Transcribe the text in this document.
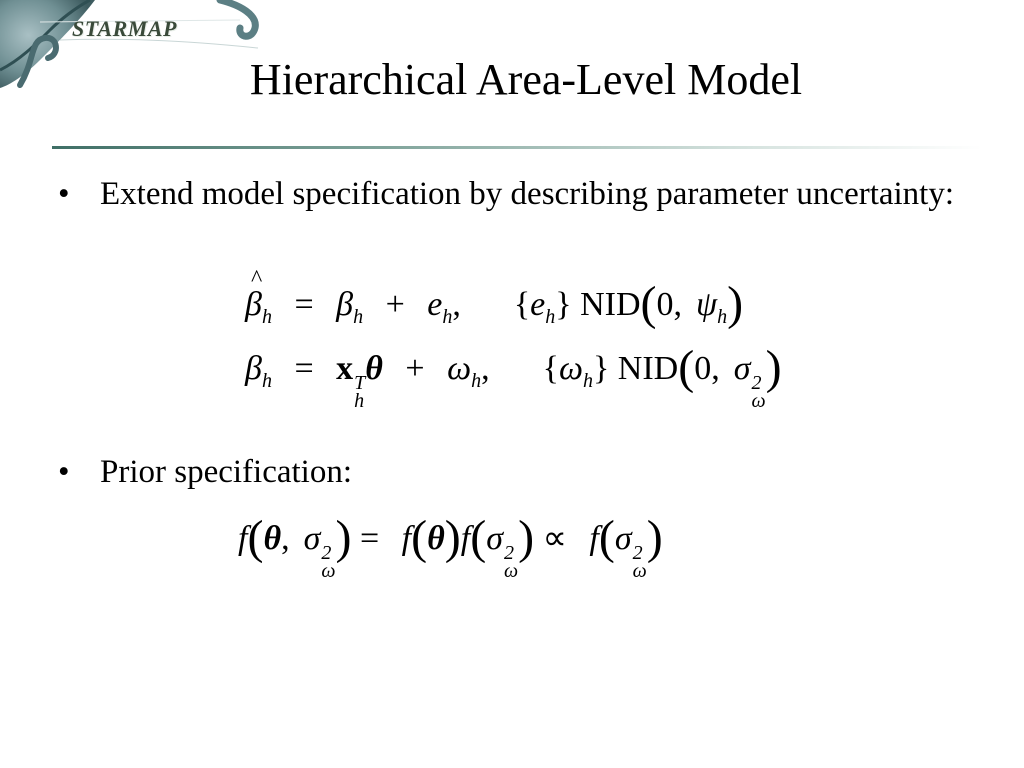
STARMAP
Hierarchical Area-Level Model
• Extend model specification by describing parameter uncertainty:
^ $\beta_h = \beta_h + e_h$,  $\{e_h\}$ NID(0, $\psi_h$)
$\beta_h = x$ T
h
$\theta + \omega_h$,  $\{\omega_h\}$ NID(0, σ 2
ω
)
• Prior specification:
f(θ, σ 2
ω
) = f(θ)f(σ 2
ω
) ∝ f(σ 2
ω
)
